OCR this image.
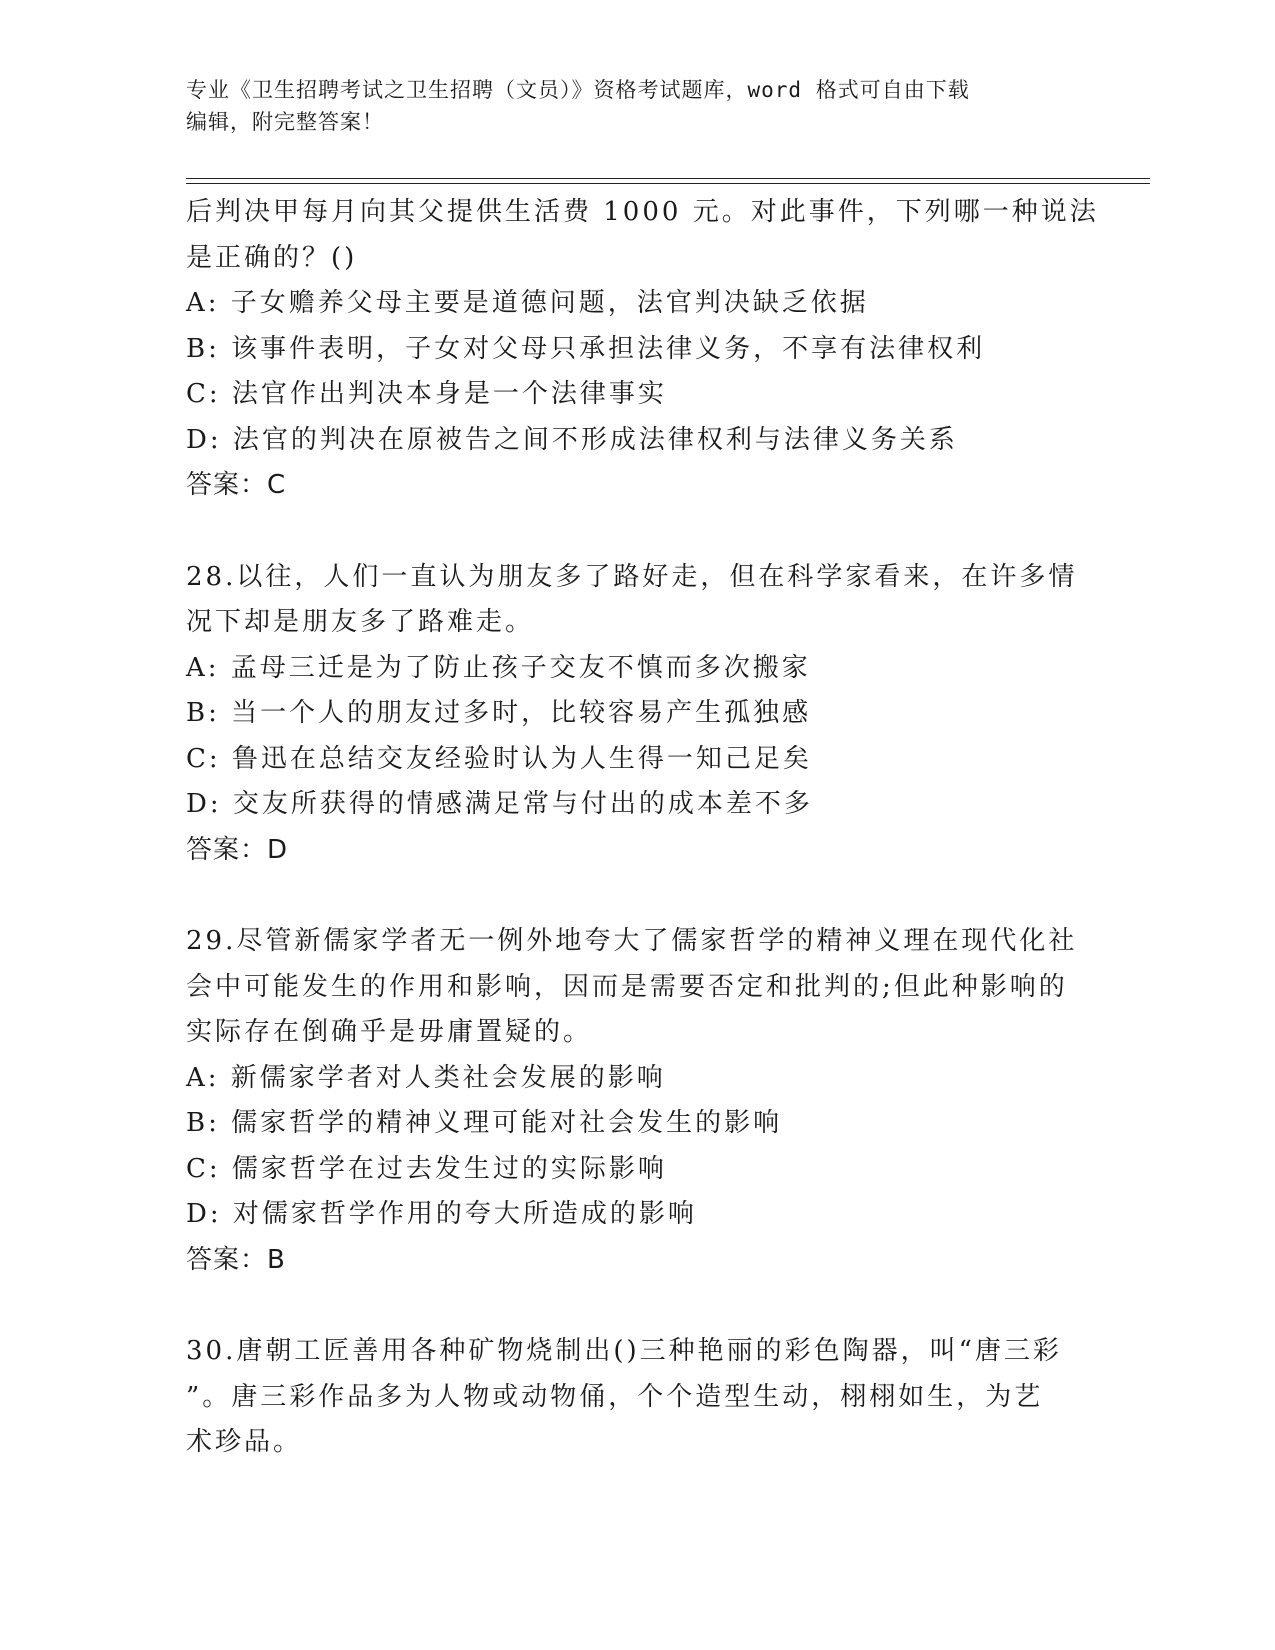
专业《卫生招聘考试之卫生招聘（文员）》资格考试题库，word 格式可自由下载
编辑，附完整答案！
后判决甲每月向其父提供生活费 1000 元。对此事件，下列哪一种说法
是正确的？()
A: 子女赡养父母主要是道德问题，法官判决缺乏依据
B: 该事件表明，子女对父母只承担法律义务，不享有法律权利
C: 法官作出判决本身是一个法律事实
D: 法官的判决在原被告之间不形成法律权利与法律义务关系
答案：C
28.以往，人们一直认为朋友多了路好走，但在科学家看来，在许多情
况下却是朋友多了路难走。
A: 孟母三迁是为了防止孩子交友不慎而多次搬家
B: 当一个人的朋友过多时，比较容易产生孤独感
C: 鲁迅在总结交友经验时认为人生得一知己足矣
D: 交友所获得的情感满足常与付出的成本差不多
答案：D
29.尽管新儒家学者无一例外地夸大了儒家哲学的精神义理在现代化社
会中可能发生的作用和影响，因而是需要否定和批判的;但此种影响的
实际存在倒确乎是毋庸置疑的。
A: 新儒家学者对人类社会发展的影响
B: 儒家哲学的精神义理可能对社会发生的影响
C: 儒家哲学在过去发生过的实际影响
D: 对儒家哲学作用的夸大所造成的影响
答案：B
30.唐朝工匠善用各种矿物烧制出()三种艳丽的彩色陶器，叫“唐三彩
”。唐三彩作品多为人物或动物俑，个个造型生动，栩栩如生，为艺
术珍品。
